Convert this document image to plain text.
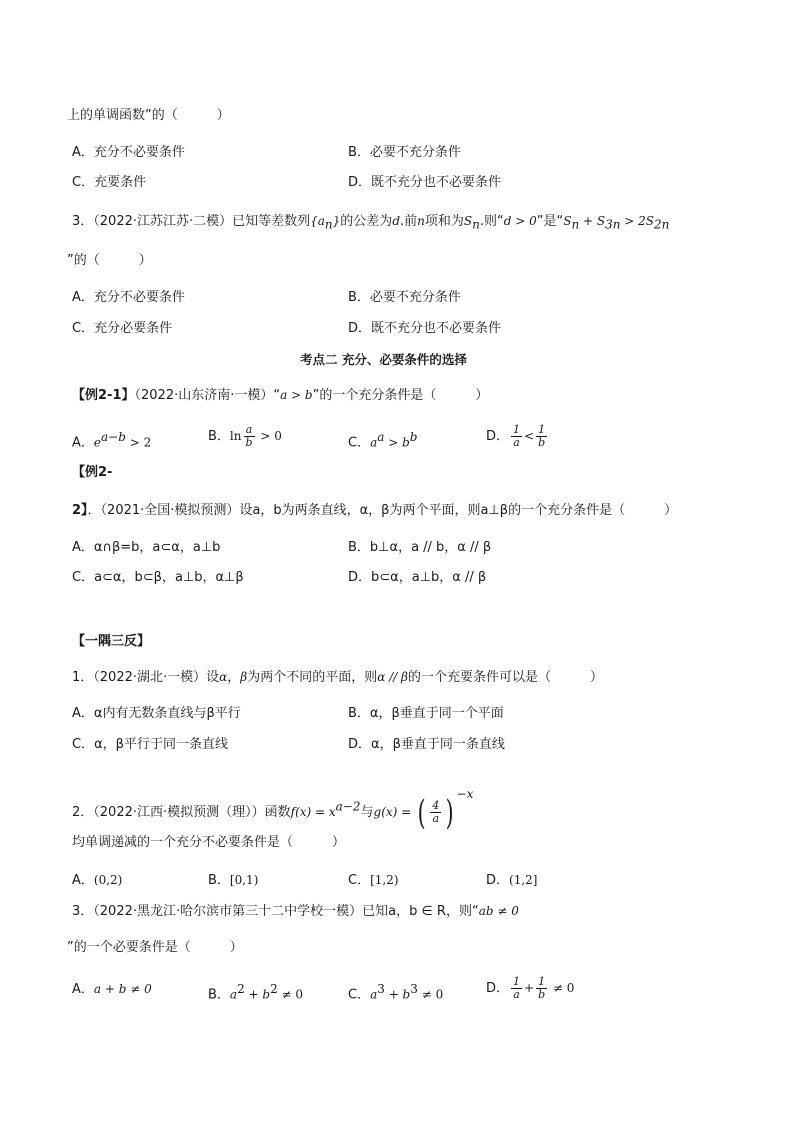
上的单调函数”的（　　　）
A．充分不必要条件	B．必要不充分条件
C．充要条件	D．既不充分也不必要条件
3．（2022·江苏江苏·二模）已知等差数列$\{a_n\}$的公差为d.前n项和为$S_n$.则“d > 0”是“$S_n + S_{3n} > 2S_{2n}$
”的（　　　）
A．充分不必要条件	B．必要不充分条件
C．充分必要条件	D．既不充分也不必要条件
考点二 充分、必要条件的选择
【例2-1】（2022·山东济南·一模）“a > b”的一个充分条件是（　　　）
A．$e^{a-b} > 2$	B．$\ln \frac{a}{b} > 0$	C．$a^a > b^b$	D． $\frac{1}{a} < \frac{1}{b}$
【例2-
2】．（2021·全国·模拟预测）设a，b为两条直线，α，β为两个平面，则a⊥β的一个充分条件是（　　　）
A．α∩β=b，a⊂α，a⊥b	B．b⊥α，a // b，α // β
C．a⊂α，b⊂β，a⊥b，α⊥β	D．b⊂α，a⊥b，α // β
【一隅三反】
1．（2022·湖北·一模）设α，β为两个不同的平面，则α // β的一个充要条件可以是（　　　）
A．α内有无数条直线与β平行	B．α，β垂直于同一个平面
C．α，β平行于同一条直线	D．α，β垂直于同一条直线
2．（2022·江西·模拟预测（理））函数$f(x) = x^{a-2}$与g(x) = ( $\frac{4}{a}$ ) $^{-x}$
均单调递减的一个充分不必要条件是（　　　）
A．(0,2)	B．[0,1)	C．[1,2)	D．(1,2]
3．（2022·黑龙江·哈尔滨市第三十二中学校一模）已知a，b ∈ R，则“ab ≠ 0
”的一个必要条件是（　　　）
A．a + b ≠ 0	B．$a^2 + b^2 \ne 0$	C．$a^3 + b^3 \ne 0$	D． $\frac{1}{a} + \frac{1}{b} \ne 0$
